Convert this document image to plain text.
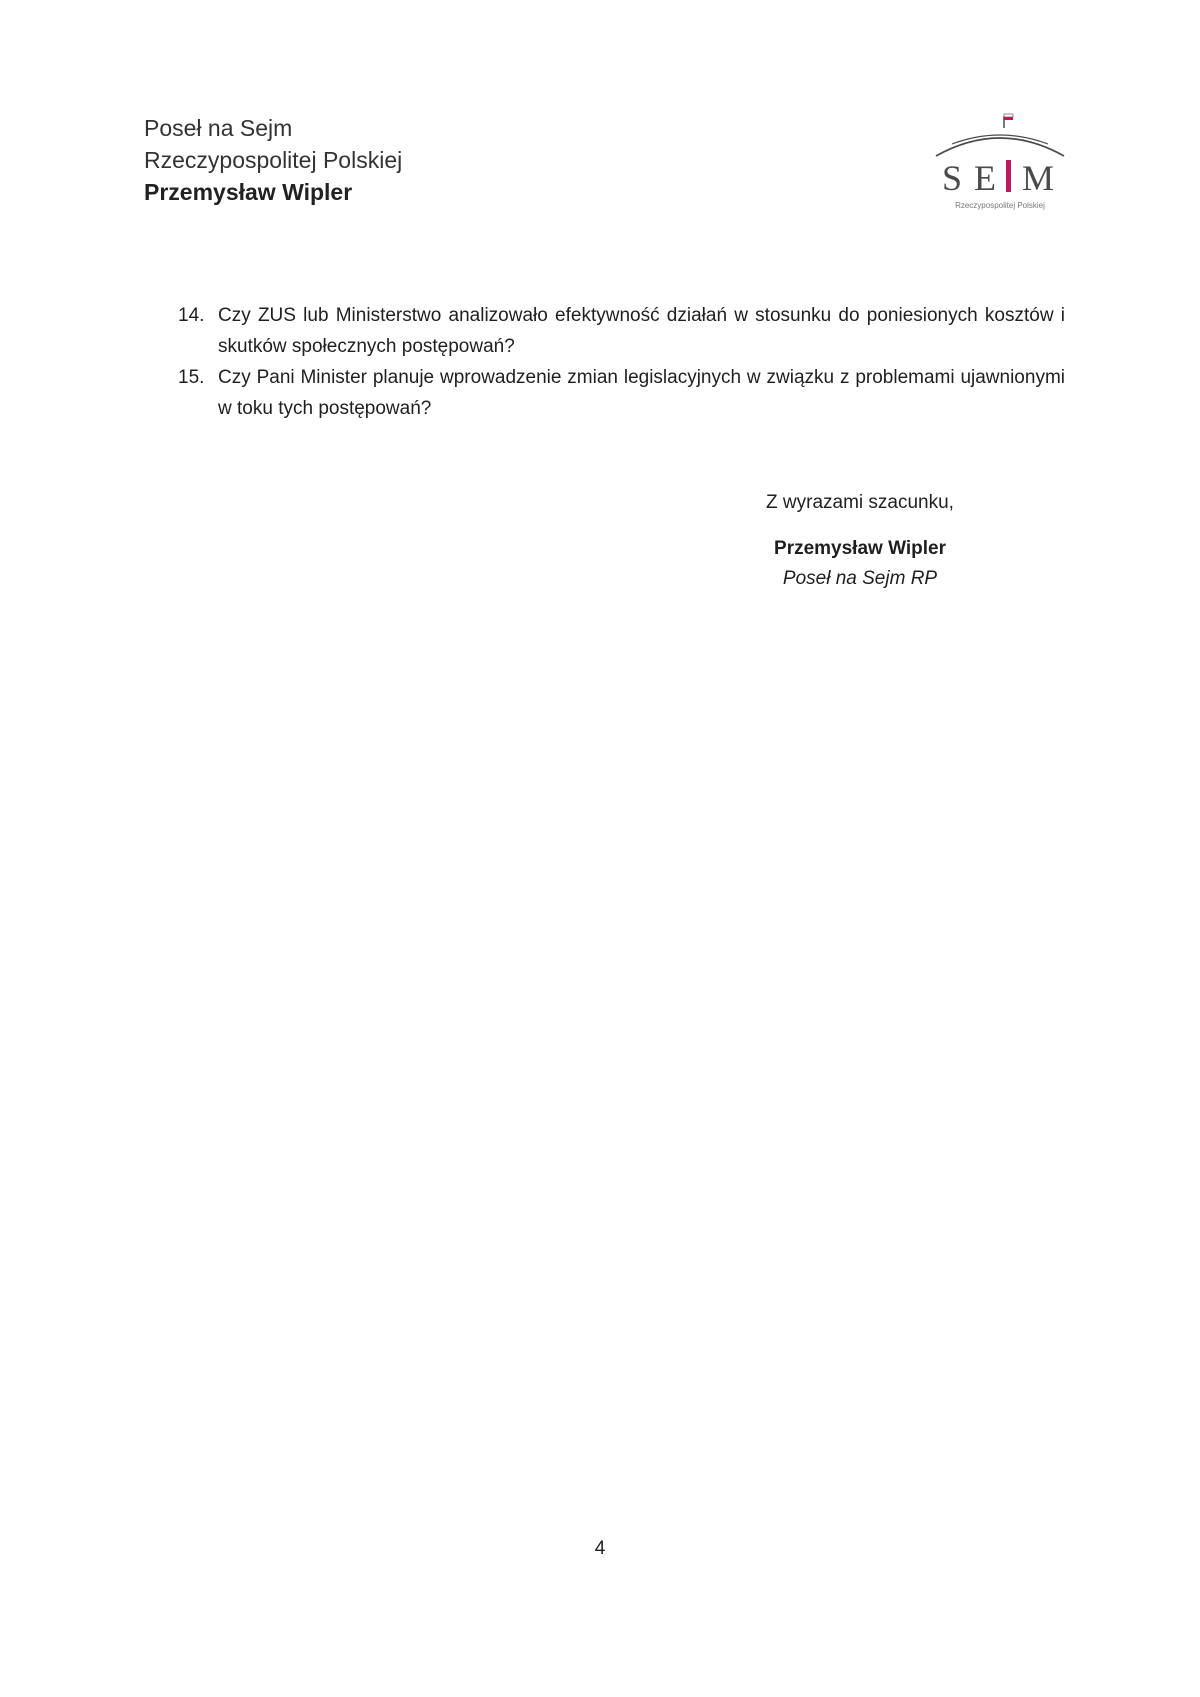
Poseł na Sejm
Rzeczypospolitej Polskiej
Przemysław Wipler	S E M
Rzeczypospolitej Polskiej
14. Czy ZUS lub Ministerstwo analizowało efektywność działań w stosunku do poniesionych kosztów i skutków społecznych postępowań?
15. Czy Pani Minister planuje wprowadzenie zmian legislacyjnych w związku z problemami ujawnionymi w toku tych postępowań?
Z wyrazami szacunku,
Przemysław Wipler
Poseł na Sejm RP
4
